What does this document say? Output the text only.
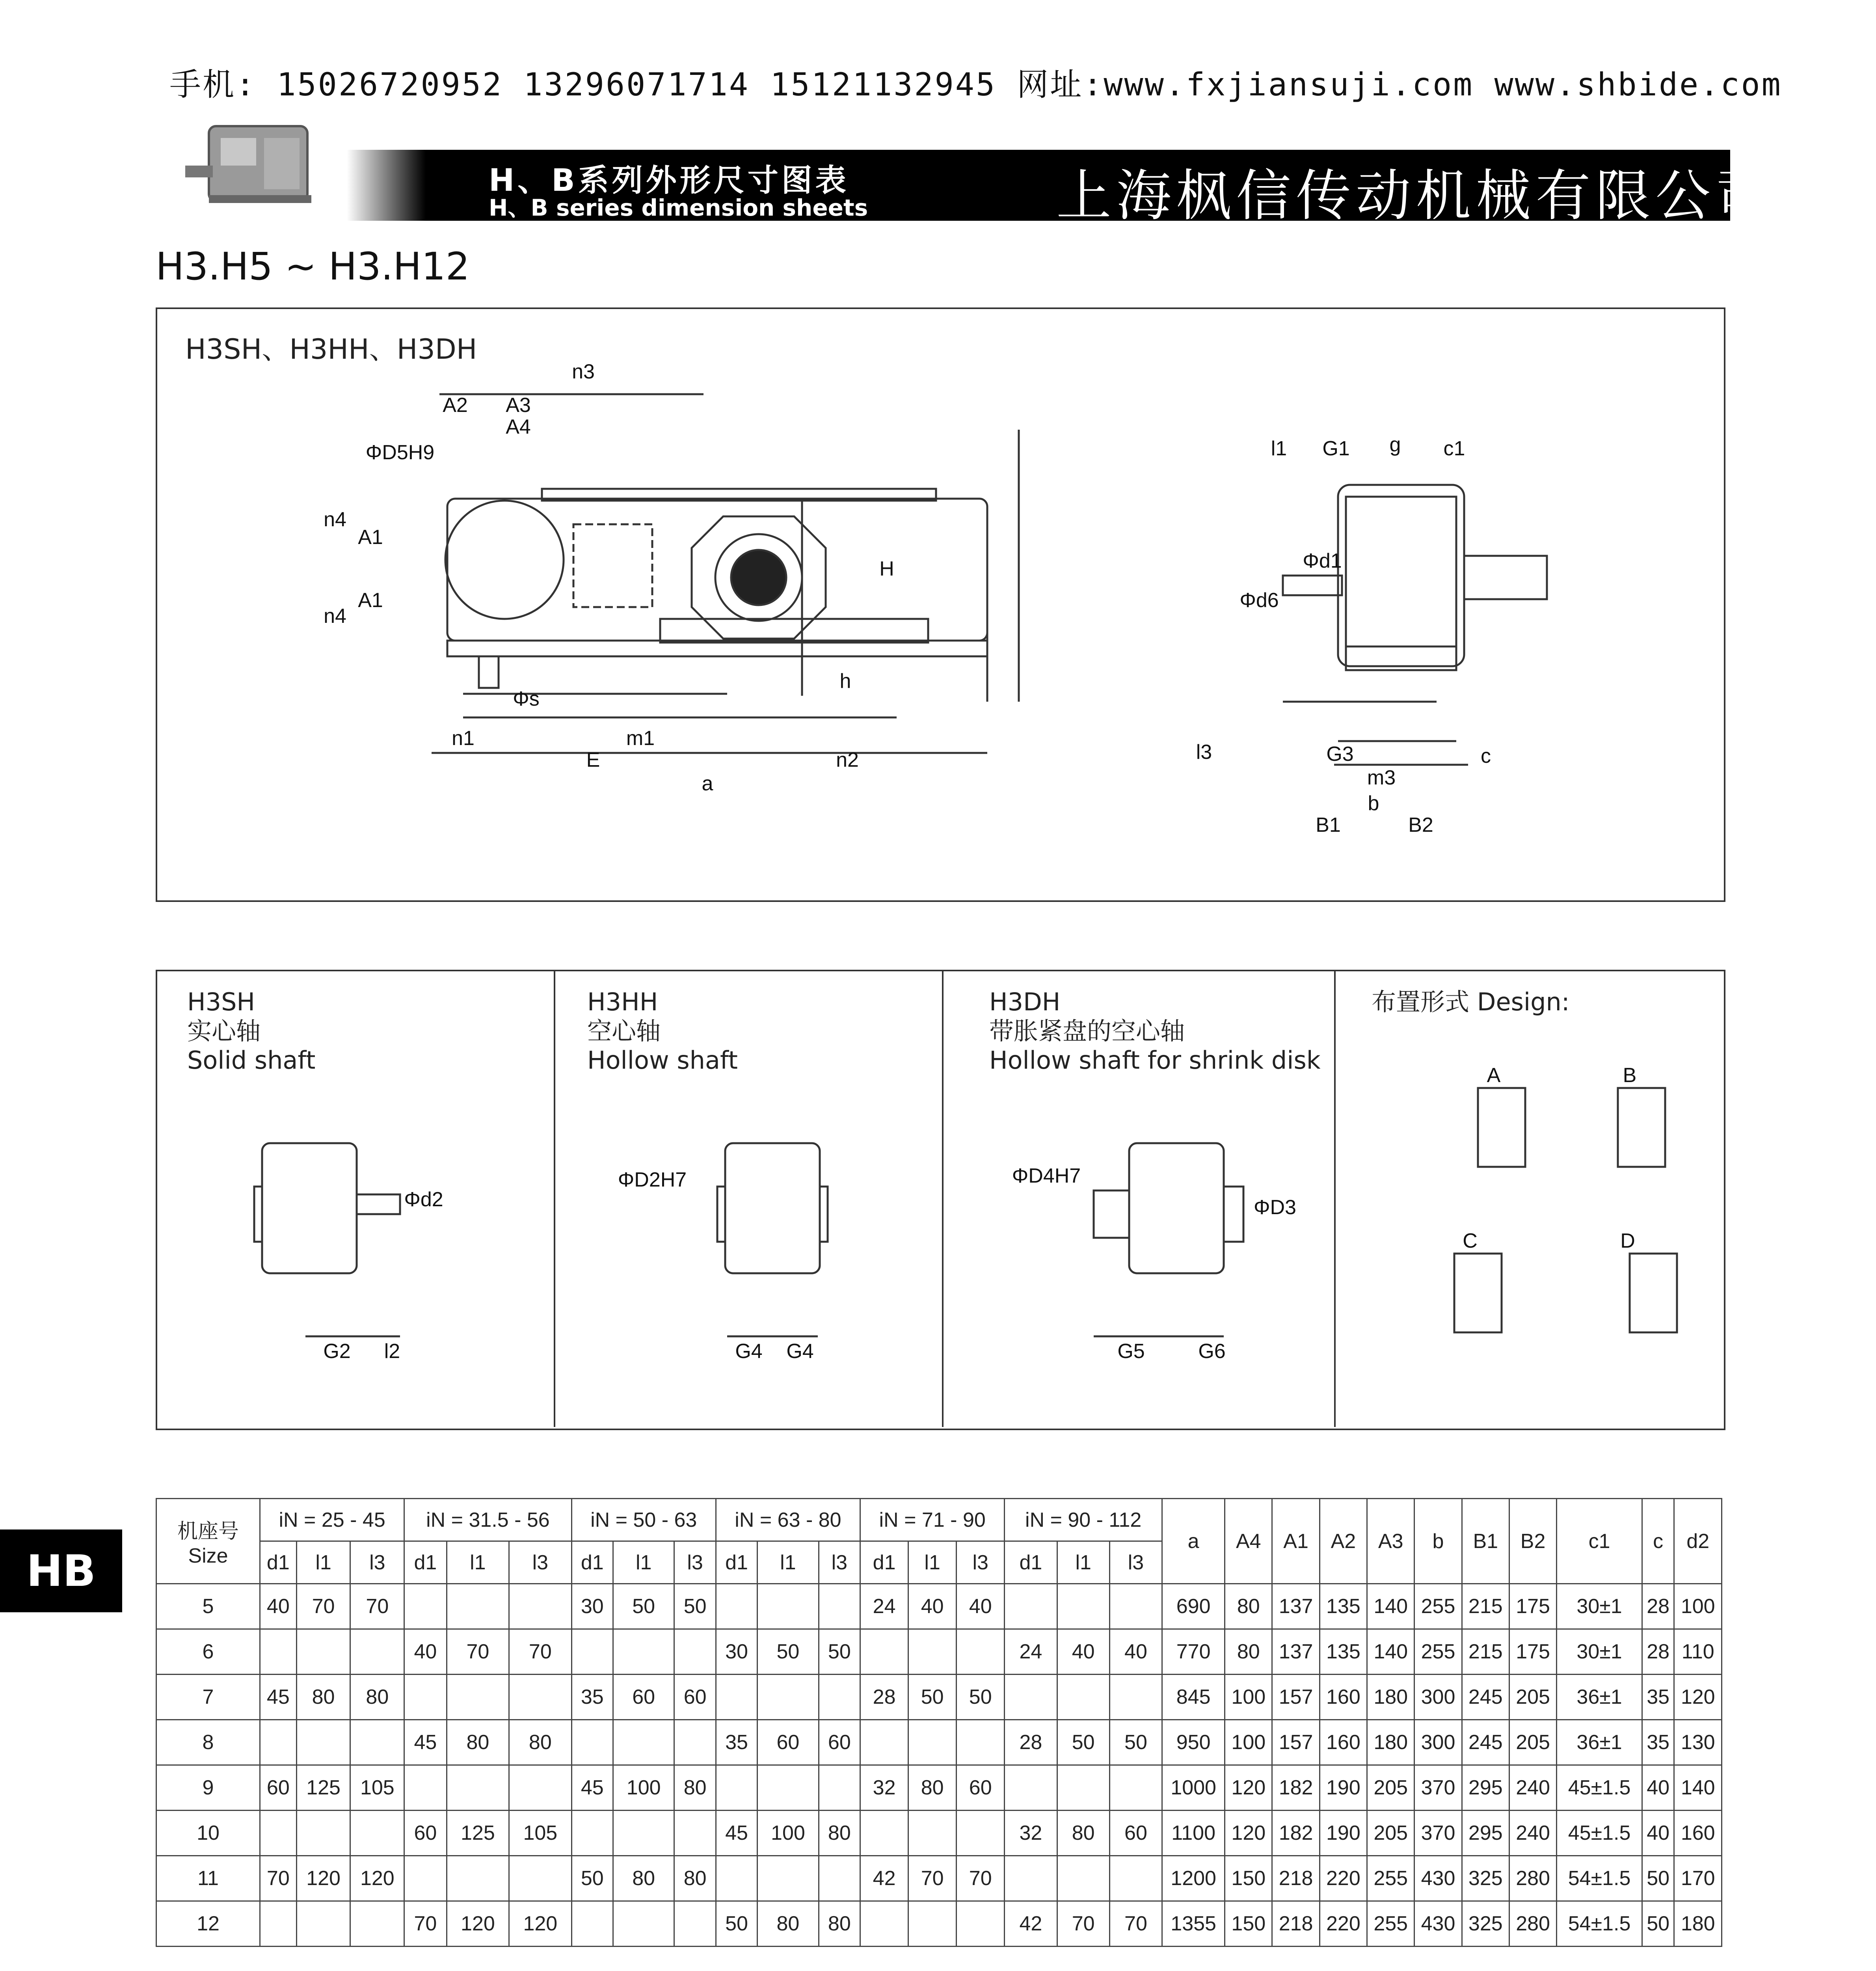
手机: 15026720952 13296071714 15121132945 网址:www.fxjiansuji.com www.shbide.com
H、B系列外形尺寸图表
H、B series dimension sheets	上海枫信传动机械有限公司
H3.H5 ~ H3.H12
H3SH、H3HH、H3DH
n3
A2 A3
A4
ΦD5H9
n4
A1
A1
n4
H
h
Φs
n1	m1
E	n2
a
l1 G1 g c1
Φd1
Φd6
l3	G3
m3
c
B1
b
B2
H3SH
实心轴
Solid shaft
H3HH
空心轴
Hollow shaft
H3DH
带胀紧盘的空心轴
Hollow shaft for shrink disk
布置形式 Design:
Φd2
G2 l2
ΦD2H7
G4 G4
ΦD4H7
ΦD3
G5	G6
A	B
C	D
HB
机座号
Size	iN = 25 - 45			iN = 31.5 - 56			iN = 50 - 63			iN = 63 - 80			iN = 71 - 90			iN = 90 - 112			a	A4	A1	A2	A3	b	B1	B2	c1	c	d2
	d1	l1	l3	d1	l1	l3	d1	l1	l3	d1	l1	l3	d1	l1	l3	d1	l1	l3											
5	40	70	70				30	50	50				24	40	40				690	80	137	135	140	255	215	175	30±1	28	100
6				40	70	70				30	50	50				24	40	40	770	80	137	135	140	255	215	175	30±1	28	110
7	45	80	80				35	60	60				28	50	50				845	100	157	160	180	300	245	205	36±1	35	120
8				45	80	80				35	60	60				28	50	50	950	100	157	160	180	300	245	205	36±1	35	130
9	60	125	105				45	100	80				32	80	60				1000	120	182	190	205	370	295	240	45±1.5	40	140
10				60	125	105				45	100	80				32	80	60	1100	120	182	190	205	370	295	240	45±1.5	40	160
11	70	120	120				50	80	80				42	70	70				1200	150	218	220	255	430	325	280	54±1.5	50	170
12				70	120	120				50	80	80				42	70	70	1355	150	218	220	255	430	325	280	54±1.5	50	180
